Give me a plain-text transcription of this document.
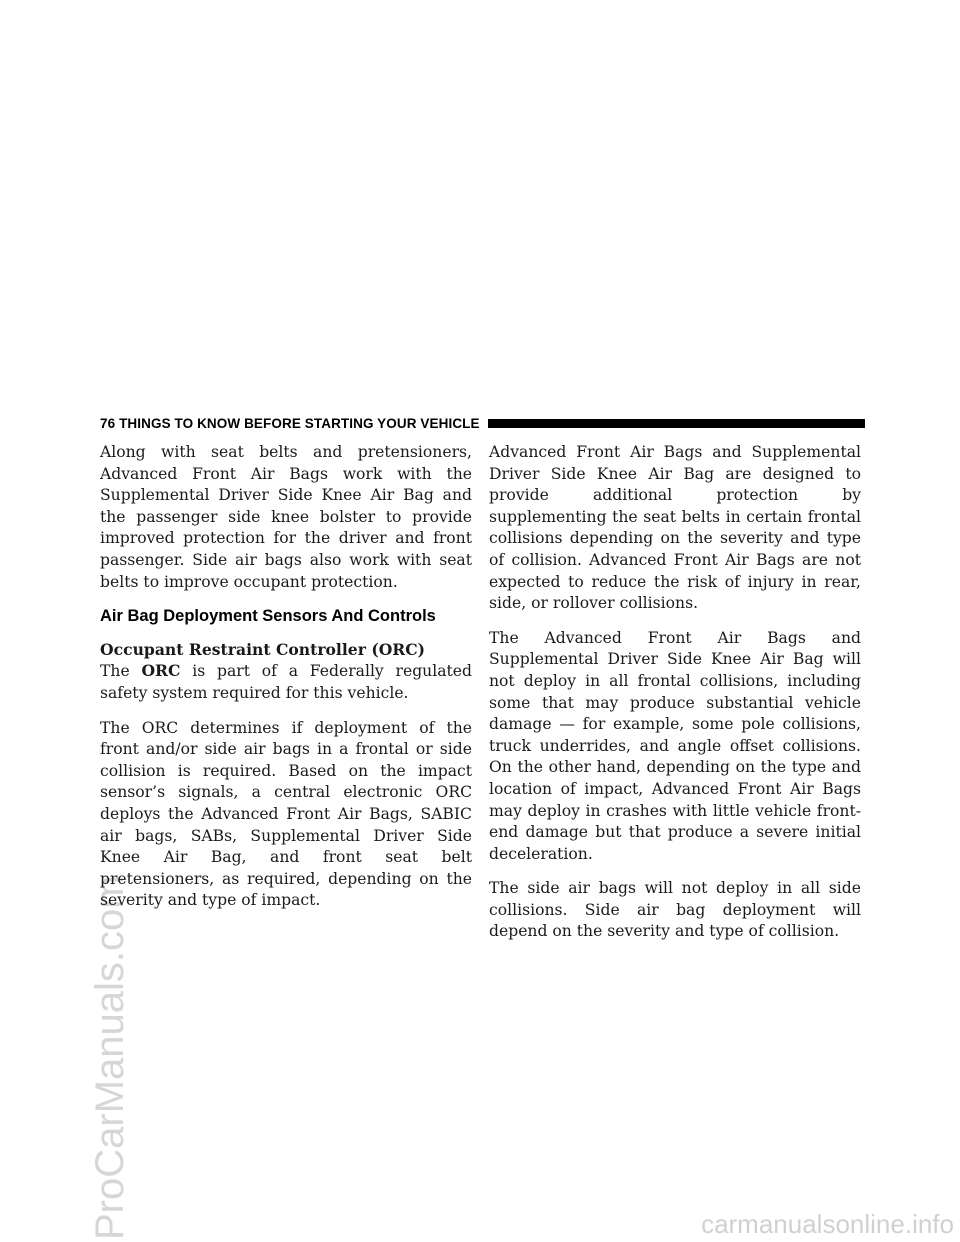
ProCarManuals.com
76 THINGS TO KNOW BEFORE STARTING YOUR VEHICLE

Along with seat belts and pretensioners, Advanced Front Air Bags work with the Supplemental Driver Side Knee Air Bag and the passenger side knee bolster to provide improved protection for the driver and front passenger. Side air bags also work with seat belts to improve occupant protection.

Air Bag Deployment Sensors And Controls
Occupant Restraint Controller (ORC)

The ORC is part of a Federally regulated safety system required for this vehicle.

The ORC determines if deployment of the front and/or side air bags in a frontal or side collision is required. Based on the impact sensor’s signals, a central electronic ORC deploys the Advanced Front Air Bags, SABIC air bags, SABs, Supplemental Driver Side Knee Air Bag, and front seat belt pretensioners, as required, depending on the severity and type of impact.

Advanced Front Air Bags and Supplemental Driver Side Knee Air Bag are designed to provide additional protection by supplementing the seat belts in certain frontal collisions depending on the severity and type of collision. Advanced Front Air Bags are not expected to reduce the risk of injury in rear, side, or rollover collisions.

The Advanced Front Air Bags and Supplemental Driver Side Knee Air Bag will not deploy in all frontal collisions, including some that may produce substantial vehicle damage — for example, some pole collisions, truck underrides, and angle offset collisions. On the other hand, depending on the type and location of impact, Advanced Front Air Bags may deploy in crashes with little vehicle front-end damage but that produce a severe initial deceleration.

The side air bags will not deploy in all side collisions. Side air bag deployment will depend on the severity and type of collision.

carmanualsonline.info
